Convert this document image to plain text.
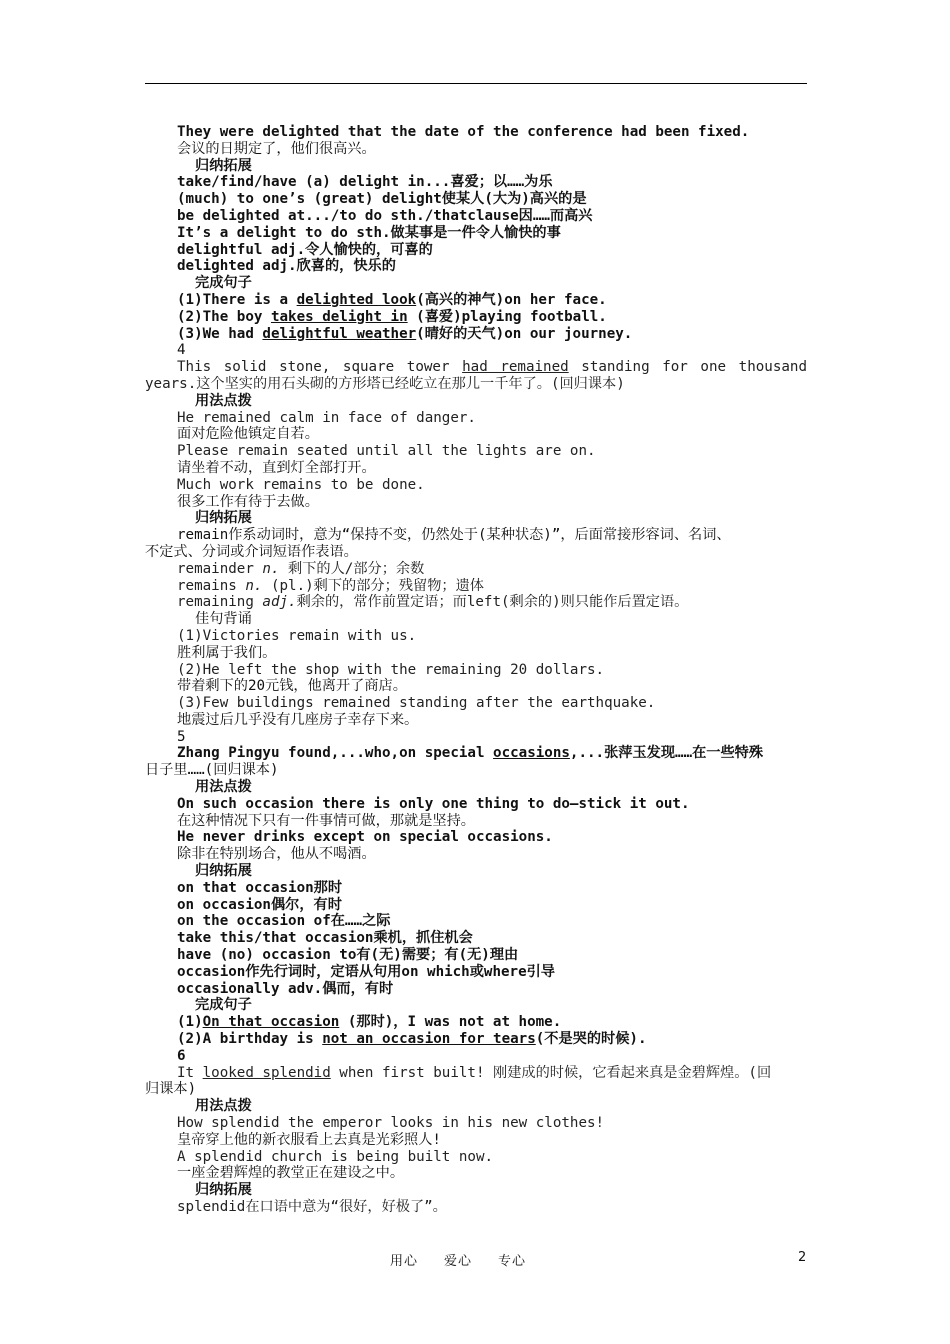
They were delighted that the date of the conference had been fixed.
会议的日期定了，他们很高兴。
归纳拓展
take/find/have (a) delight in...喜爱；以……为乐
(much) to one’s (great) delight使某人(大为)高兴的是
be delighted at.../to do sth./thatclause因……而高兴
It’s a delight to do sth.做某事是一件令人愉快的事
delightful adj.令人愉快的，可喜的
delighted adj.欣喜的，快乐的
完成句子
(1)There is a delighted look(高兴的神气)on her face.
(2)The boy takes delight in (喜爱)playing football.
(3)We had delightful weather(晴好的天气)on our journey.
4
This solid stone, square tower had remained standing for one thousand
years.这个坚实的用石头砌的方形塔已经屹立在那儿一千年了。(回归课本)
用法点拨
He remained calm in face of danger.
面对危险他镇定自若。
Please remain seated until all the lights are on.
请坐着不动，直到灯全部打开。
Much work remains to be done.
很多工作有待于去做。
归纳拓展
remain作系动词时，意为“保持不变，仍然处于(某种状态)”，后面常接形容词、名词、
不定式、分词或介词短语作表语。
remainder n. 剩下的人/部分；余数
remains n. (pl.)剩下的部分；残留物；遗体
remaining adj.剩余的，常作前置定语；而left(剩余的)则只能作后置定语。
佳句背诵
(1)Victories remain with us.
胜利属于我们。
(2)He left the shop with the remaining 20 dollars.
带着剩下的20元钱，他离开了商店。
(3)Few buildings remained standing after the earthquake.
地震过后几乎没有几座房子幸存下来。
5
Zhang Pingyu found,...who,on special occasions,...张萍玉发现……在一些特殊
日子里……(回归课本)
用法点拨
On such occasion there is only one thing to do—stick it out.
在这种情况下只有一件事情可做，那就是坚持。
He never drinks except on special occasions.
除非在特别场合，他从不喝酒。
归纳拓展
on that occasion那时
on occasion偶尔，有时
on the occasion of在……之际
take this/that occasion乘机，抓住机会
have (no) occasion to有(无)需要；有(无)理由
occasion作先行词时，定语从句用on which或where引导
occasionally adv.偶而，有时
完成句子
(1)On that occasion (那时)，I was not at home.
(2)A birthday is not an occasion for tears(不是哭的时候).
6
It looked splendid when first built! 刚建成的时候，它看起来真是金碧辉煌。(回
归课本)
用法点拨
How splendid the emperor looks in his new clothes!
皇帝穿上他的新衣服看上去真是光彩照人!
A splendid church is being built now.
一座金碧辉煌的教堂正在建设之中。
归纳拓展
splendid在口语中意为“很好，好极了”。
用心 爱心 专心	2
